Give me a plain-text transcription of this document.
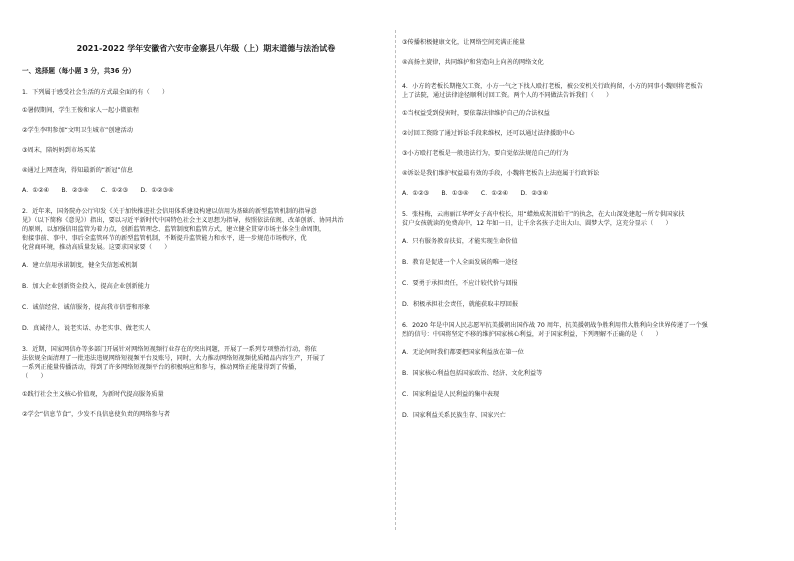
2021-2022 学年安徽省六安市金寨县八年级（上）期末道德与法治试卷
一、选择题（每小题 3 分，共36 分）
1．下列属于感受社会生活的方式最全面的有（　　）
①暑假期间，学生王俊和家人一起小微旅程
②学生李明参加“文明卫生城市”创建活动
③周末，陪妈妈到市场买菜
④通过上网查询，得知最新的“新冠”信息
A．①②④　　B．②③④　　C．①②③　　D．①②③④
2．近年来，国务院办公厅印发《关于加快推进社会信用体系建设构建以信用为基础的新型监管机制的指导意
见》（以下简称《意见》）指出，要以习近平新时代中国特色社会主义思想为指导，按照依法依规、改革创新、协同共治
的原则，以加强信用监管为着力点，创新监管理念、监管制度和监管方式，建立健全贯穿市场主体全生命周期，
衔接事前、事中、事后全监管环节的新型监管机制，不断提升监管能力和水平，进一步规范市场秩序，优
化营商环境，推动高质量发展。这要求国家要（　　）
A．建立信用承诺制度，健全失信惩戒机制
B．加大企业创新资金投入，提高企业创新能力
C．诚信经营、诚信服务，提高我市信誉和形象
D．真诚待人，说老实话、办老实事、做老实人
3．近期，国家网信办等多部门开展针对网络短视频行业存在的突出问题，开展了一系列专项整治行动，将依
法依规全面清理了一批违法违规网络短视频平台及账号，同时，大力推动网络短视频优质精品内容生产，开展了
一系列正能量传播活动，得到了许多网络短视频平台的积极响应和参与，推动网络正能量得到了传播，
（　　）
①践行社会主义核心价值观，为新时代提高服务质量
②学会“信息节食”，少发不良信息使负责的网络参与者
③传播积极健康文化，让网络空间充满正能量
④高扬主旋律，共同维护和营造向上向善的网络文化
4．小方的老板长期拖欠工资，小方一气之下找人殴打老板，被公安机关行政拘留，小方的同事小魏则将老板告
上了法院，通过法律途径顺利讨回工资。两个人的不同做法告诉我们（　　）
①当权益受到侵害时，要依靠法律维护自己的合法权益
②讨回工资除了通过诉讼手段来维权，还可以通过法律援助中心
③小方殴打老板是一般违法行为，要自觉依法规范自己的行为
④诉讼是我们维护权益最有效的手段，小魏将老板告上法庭属于行政诉讼
A．①②③　　B．①③④　　C．①②④　　D．②③④
5．张桂梅，云南丽江华坪女子高中校长，用“蜡烛成灰泪始干”的执念，在大山深处建起一所专供国家扶
贫户女孩就读的免费高中，12 年如一日，让千余名孩子走出大山、圆梦大学，这充分显示（　　）
A．只有服务教育扶贫，才能实现生命价值
B．教育是促进一个人全面发展的唯一途径
C．要勇于承担责任，不应计较代价与回报
D．积极承担社会责任，就能获取丰厚回报
6．2020 年是中国人民志愿军抗美援朝出国作战 70 周年，抗美援朝战争胜利用伟大胜利向全世界传递了一个强
烈的信号：中国将坚定不移的维护国家核心利益，对于国家利益，下列理解不正确的是（　　）
A．无论何时我们都要把国家利益放在第一位
B．国家核心利益包括国家政治、经济、文化利益等
C．国家利益是人民利益的集中表现
D．国家利益关系民族生存、国家兴亡
